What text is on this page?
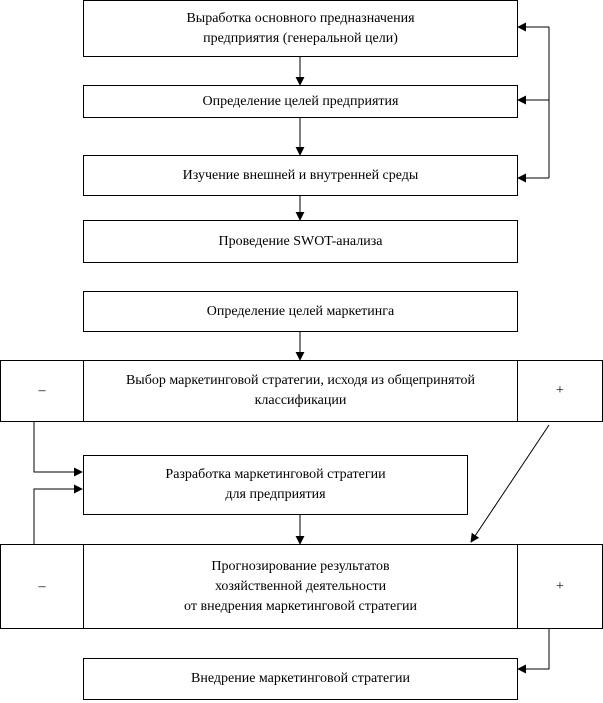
Выработка основного предназначения
предприятия (генеральной цели)
Определение целей предприятия
Изучение внешней и внутренней среды
Проведение SWOT-анализа
Определение целей маркетинга
–
Выбор маркетинговой стратегии, исходя из общепринятой
классификации
+
Разработка маркетинговой стратегии
для предприятия
–
Прогнозирование результатов
хозяйственной деятельности
от внедрения маркетинговой стратегии
+
Внедрение маркетинговой стратегии
